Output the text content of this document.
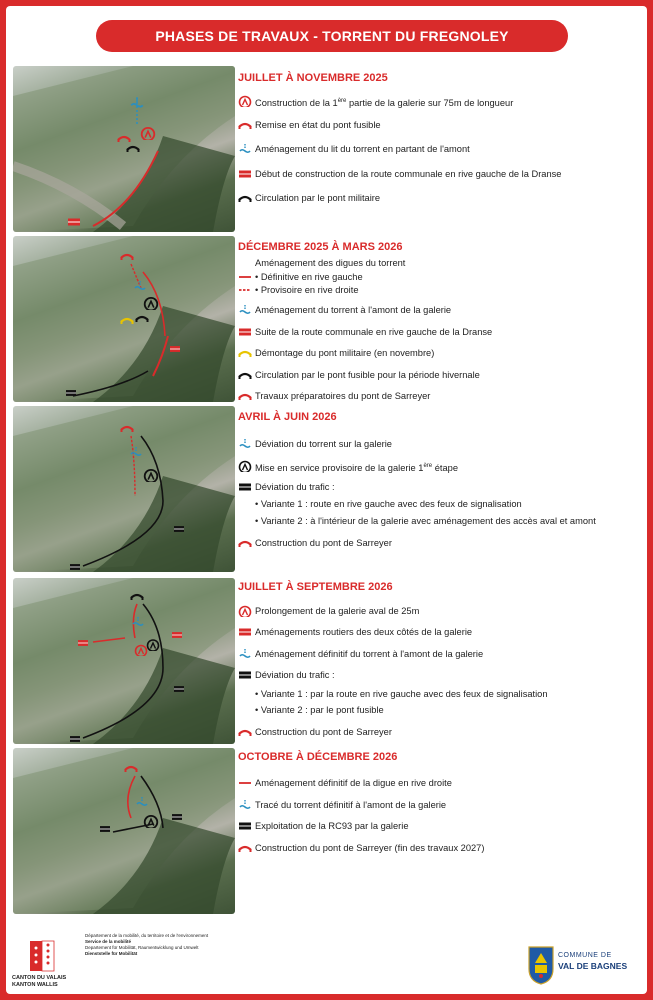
PHASES DE TRAVAUX - TORRENT DU FREGNOLEY
JUILLET À NOVEMBRE 2025
Construction de la 1ère partie de la galerie sur 75m de longueur
Remise en état du pont fusible
Aménagement du lit du torrent en partant de l'amont
Début de construction de la route communale en rive gauche de la Dranse
Circulation par le pont militaire
DÉCEMBRE 2025 À MARS 2026
Aménagement des digues du torrent
• Définitive en rive gauche
• Provisoire en rive droite
Aménagement du torrent à l'amont de la galerie
Suite de la route communale en rive gauche de la Dranse
Démontage du pont militaire (en novembre)
Circulation par le pont fusible pour la période hivernale
Travaux préparatoires du pont de Sarreyer
AVRIL À JUIN 2026
Déviation du torrent sur la galerie
Mise en service provisoire de la galerie 1ère étape
Déviation du trafic :
• Variante 1 : route en rive gauche avec des feux de signalisation
• Variante 2 : à l'intérieur de la galerie avec aménagement des accès aval et amont
Construction du pont de Sarreyer
JUILLET À SEPTEMBRE 2026
Prolongement de la galerie aval de 25m
Aménagements routiers des deux côtés de la galerie
Aménagement définitif du torrent à l'amont de la galerie
Déviation du trafic :
• Variante 1 : par la route en rive gauche avec des feux de signalisation
• Variante 2 : par le pont fusible
Construction du pont de Sarreyer
OCTOBRE À DÉCEMBRE 2026
Aménagement définitif de la digue en rive droite
Tracé du torrent définitif à l'amont de la galerie
Exploitation de la RC93 par la galerie
Construction du pont de Sarreyer (fin des travaux 2027)
CANTON DU VALAIS
KANTON WALLIS
Département de la mobilité, du territoire et de l'environnement
Service de la mobilité
Departement für Mobilität, Raumentwicklung und Umwelt
Dienststelle für Mobilität	COMMUNE DE
VAL DE BAGNES
